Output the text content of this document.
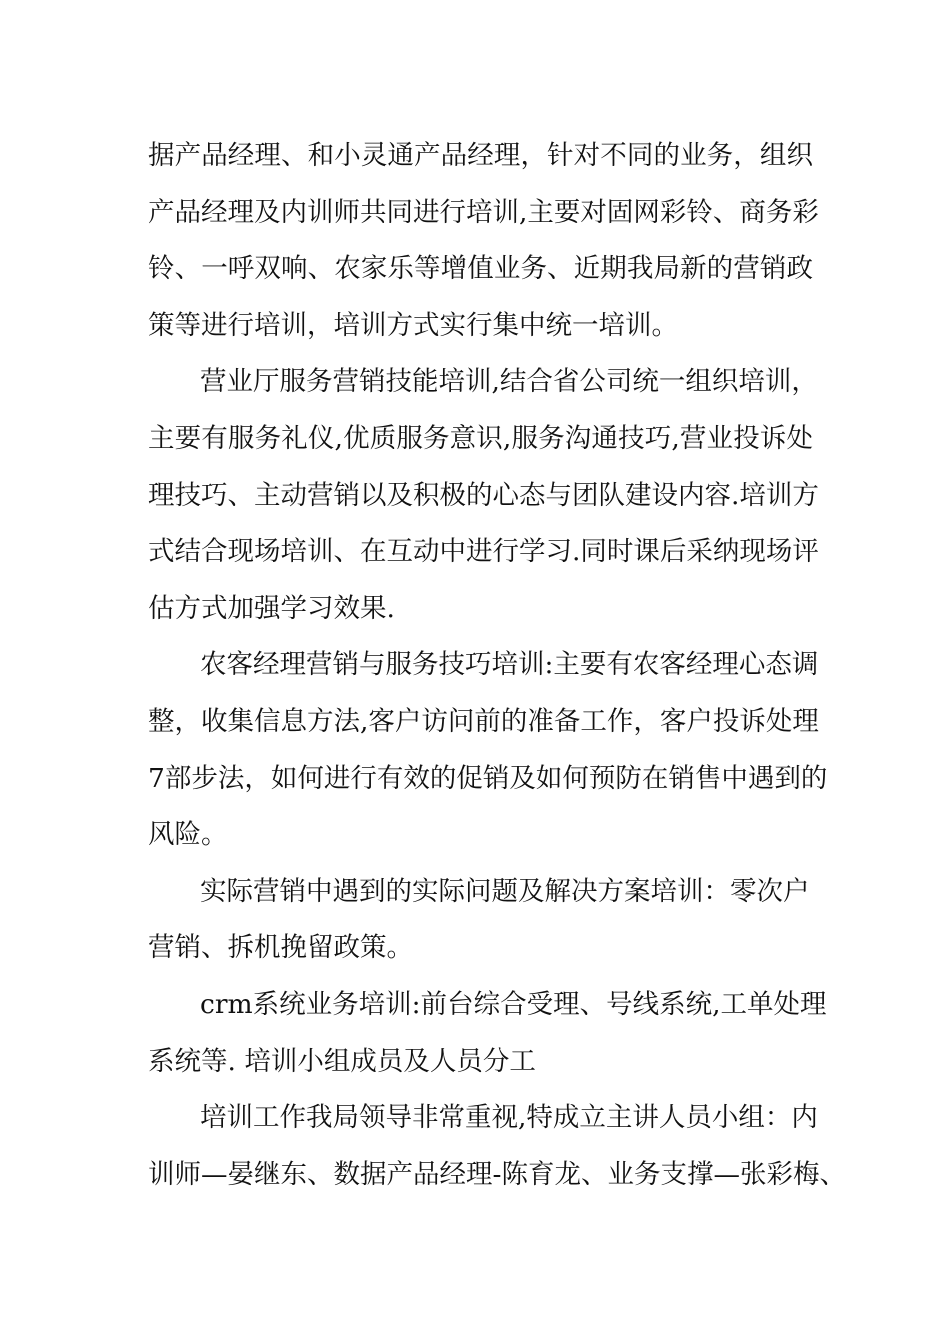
据产品经理、和小灵通产品经理，针对不同的业务，组织
产品经理及内训师共同进行培训,主要对固网彩铃、商务彩
铃、一呼双响、农家乐等增值业务、近期我局新的营销政
策等进行培训，培训方式实行集中统一培训。
营业厅服务营销技能培训,结合省公司统一组织培训，
主要有服务礼仪,优质服务意识,服务沟通技巧,营业投诉处
理技巧、主动营销以及积极的心态与团队建设内容.培训方
式结合现场培训、在互动中进行学习.同时课后采纳现场评
估方式加强学习效果.
农客经理营销与服务技巧培训:主要有农客经理心态调
整，收集信息方法,客户访问前的准备工作，客户投诉处理
7部步法，如何进行有效的促销及如何预防在销售中遇到的
风险。
实际营销中遇到的实际问题及解决方案培训：零次户
营销、拆机挽留政策。
crm系统业务培训:前台综合受理、号线系统,工单处理
系统等. 培训小组成员及人员分工
培训工作我局领导非常重视,特成立主讲人员小组：内
训师—晏继东、数据产品经理-陈育龙、业务支撑—张彩梅、
